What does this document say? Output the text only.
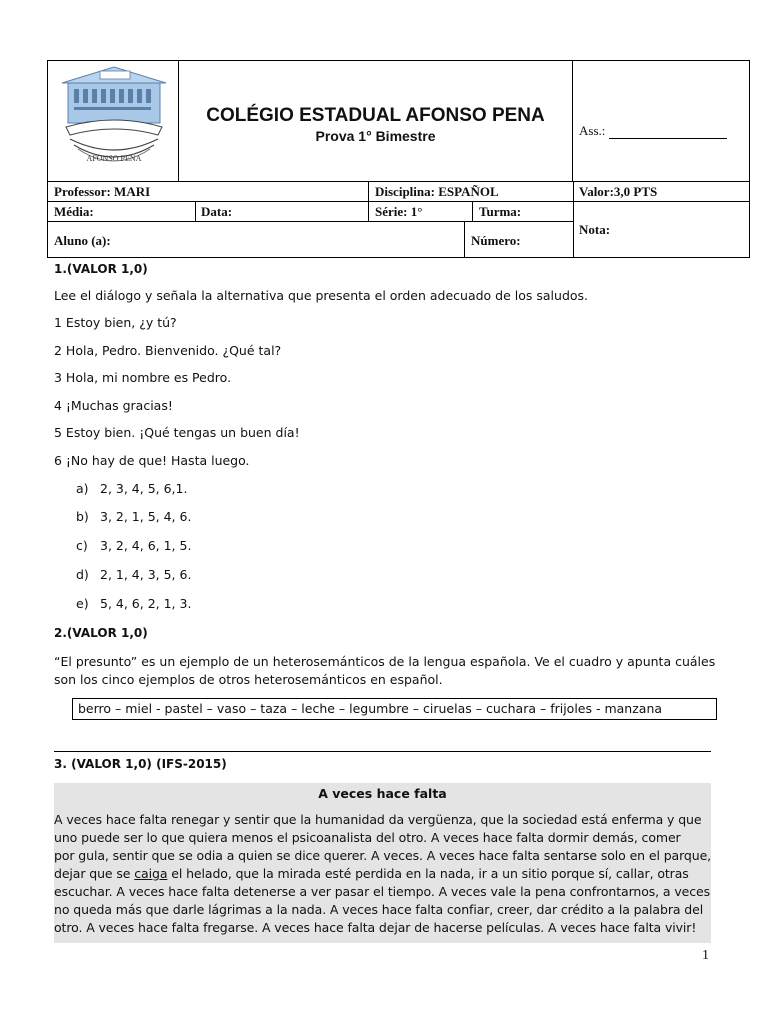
AFONSO PENA
COLÉGIO ESTADUAL AFONSO PENA
Prova 1° Bimestre	Ass.:
Professor: MARI	Disciplina: ESPAÑOL	Valor:3,0 PTS
Média:	Data:	Série: 1°	Turma:
Nota:
Aluno (a):	Número:
1.(VALOR 1,0)
Lee el diálogo y señala la alternativa que presenta el orden adecuado de los saludos.
1 Estoy bien, ¿y tú?
2 Hola, Pedro. Bienvenido. ¿Qué tal?
3 Hola, mi nombre es Pedro.
4 ¡Muchas gracias!
5 Estoy bien. ¡Qué tengas un buen día!
6 ¡No hay de que! Hasta luego.
a) 2, 3, 4, 5, 6,1.
b) 3, 2, 1, 5, 4, 6.
c) 3, 2, 4, 6, 1, 5.
d) 2, 1, 4, 3, 5, 6.
e) 5, 4, 6, 2, 1, 3.
2.(VALOR 1,0)
“El presunto” es un ejemplo de un heterosemánticos de la lengua española. Ve el cuadro y apunta cuáles
son los cinco ejemplos de otros heterosemánticos en español.
berro – miel - pastel – vaso – taza – leche – legumbre – ciruelas – cuchara – frijoles - manzana
3. (VALOR 1,0) (IFS-2015)
A veces hace falta
A veces hace falta renegar y sentir que la humanidad da vergüenza, que la sociedad está enferma y que
uno puede ser lo que quiera menos el psicoanalista del otro. A veces hace falta dormir demás, comer
por gula, sentir que se odia a quien se dice querer. A veces. A veces hace falta sentarse solo en el parque,
dejar que se caiga el helado, que la mirada esté perdida en la nada, ir a un sitio porque sí, callar, otras
escuchar. A veces hace falta detenerse a ver pasar el tiempo. A veces vale la pena confrontarnos, a veces
no queda más que darle lágrimas a la nada. A veces hace falta confiar, creer, dar crédito a la palabra del
otro. A veces hace falta fregarse. A veces hace falta dejar de hacerse películas. A veces hace falta vivir!
1
